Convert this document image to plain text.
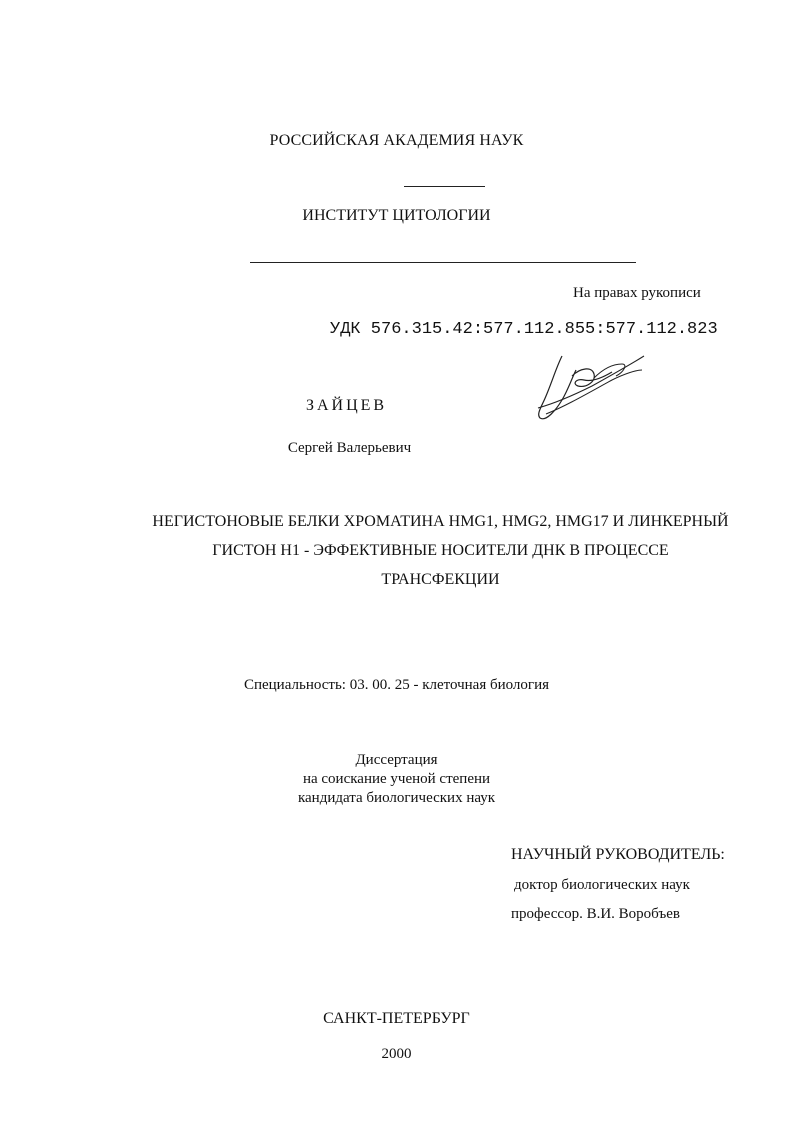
РОССИЙСКАЯ АКАДЕМИЯ НАУК
ИНСТИТУТ ЦИТОЛОГИИ
На правах рукописи
УДК 576.315.42:577.112.855:577.112.823
ЗАЙЦЕВ
Сергей Валерьевич
НЕГИСТОНОВЫЕ БЕЛКИ ХРОМАТИНА HMG1, HMG2, HMG17 И ЛИНКЕРНЫЙ
ГИСТОН Н1 - ЭФФЕКТИВНЫЕ НОСИТЕЛИ ДНК В ПРОЦЕССЕ
ТРАНСФЕКЦИИ
Специальность: 03. 00. 25 - клеточная биология
Диссертация
на соискание ученой степени
кандидата биологических наук
НАУЧНЫЙ РУКОВОДИТЕЛЬ:
доктор биологических наук
профессор. В.И. Воробъев
САНКТ-ПЕТЕРБУРГ
2000
